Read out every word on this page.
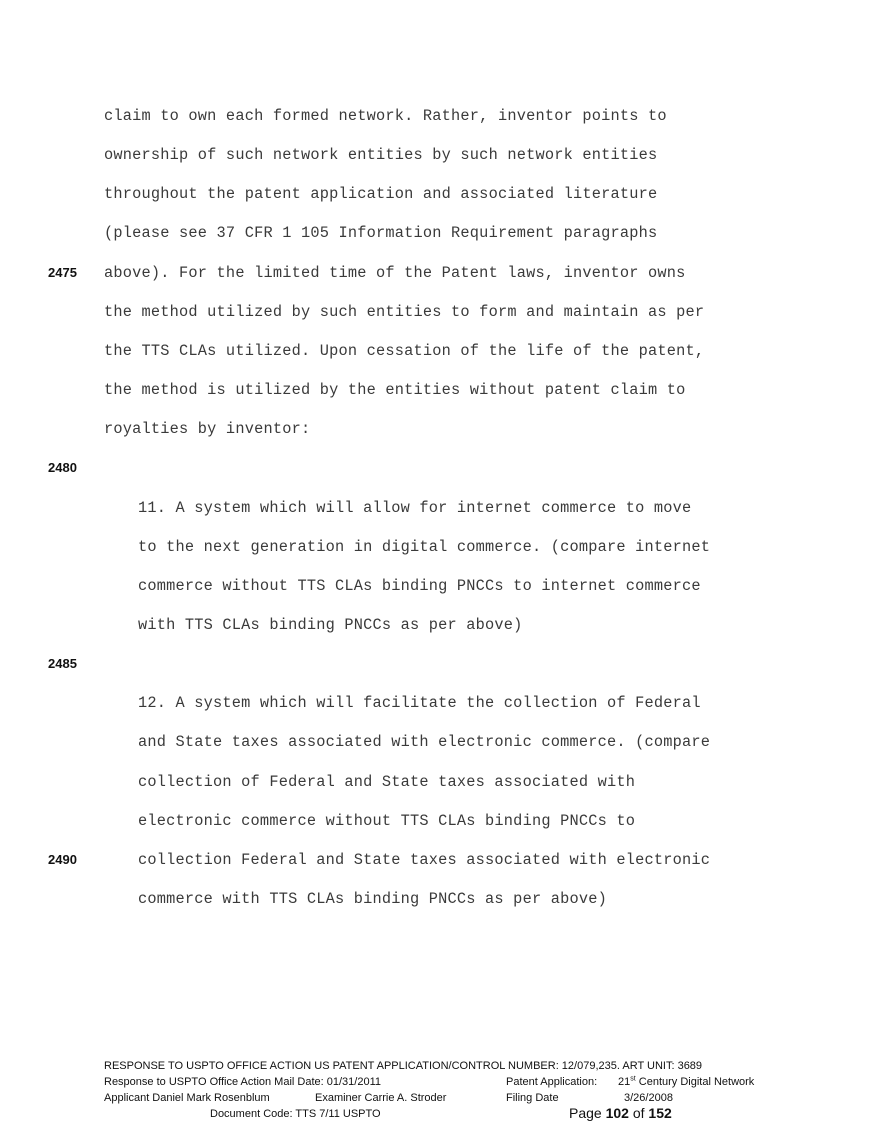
claim to own each formed network. Rather, inventor points to
ownership of such network entities by such network entities
throughout the patent application and associated literature
(please see 37 CFR 1 105 Information Requirement paragraphs
above). For the limited time of the Patent laws, inventor owns
the method utilized by such entities to form and maintain as per
the TTS CLAs utilized. Upon cessation of the life of the patent,
the method is utilized by the entities without patent claim to
royalties by inventor:
11. A system which will allow for internet commerce to move
to the next generation in digital commerce. (compare internet
commerce without TTS CLAs binding PNCCs to internet commerce
with TTS CLAs binding PNCCs as per above)
12. A system which will facilitate the collection of Federal
and State taxes associated with electronic commerce. (compare
collection of Federal and State taxes associated with
electronic commerce without TTS CLAs binding PNCCs to
collection Federal and State taxes associated with electronic
commerce with TTS CLAs binding PNCCs as per above)
2475
2480
2485
2490
RESPONSE TO USPTO OFFICE ACTION US PATENT APPLICATION/CONTROL NUMBER: 12/079,235. ART UNIT: 3689
Response to USPTO Office Action Mail Date: 01/31/2011	Patent Application: 21st Century Digital Network
Applicant Daniel Mark Rosenblum	Examiner Carrie A. Stroder	Filing Date	3/26/2008
Document Code: TTS 7/11 USPTO	Page 102 of 152
